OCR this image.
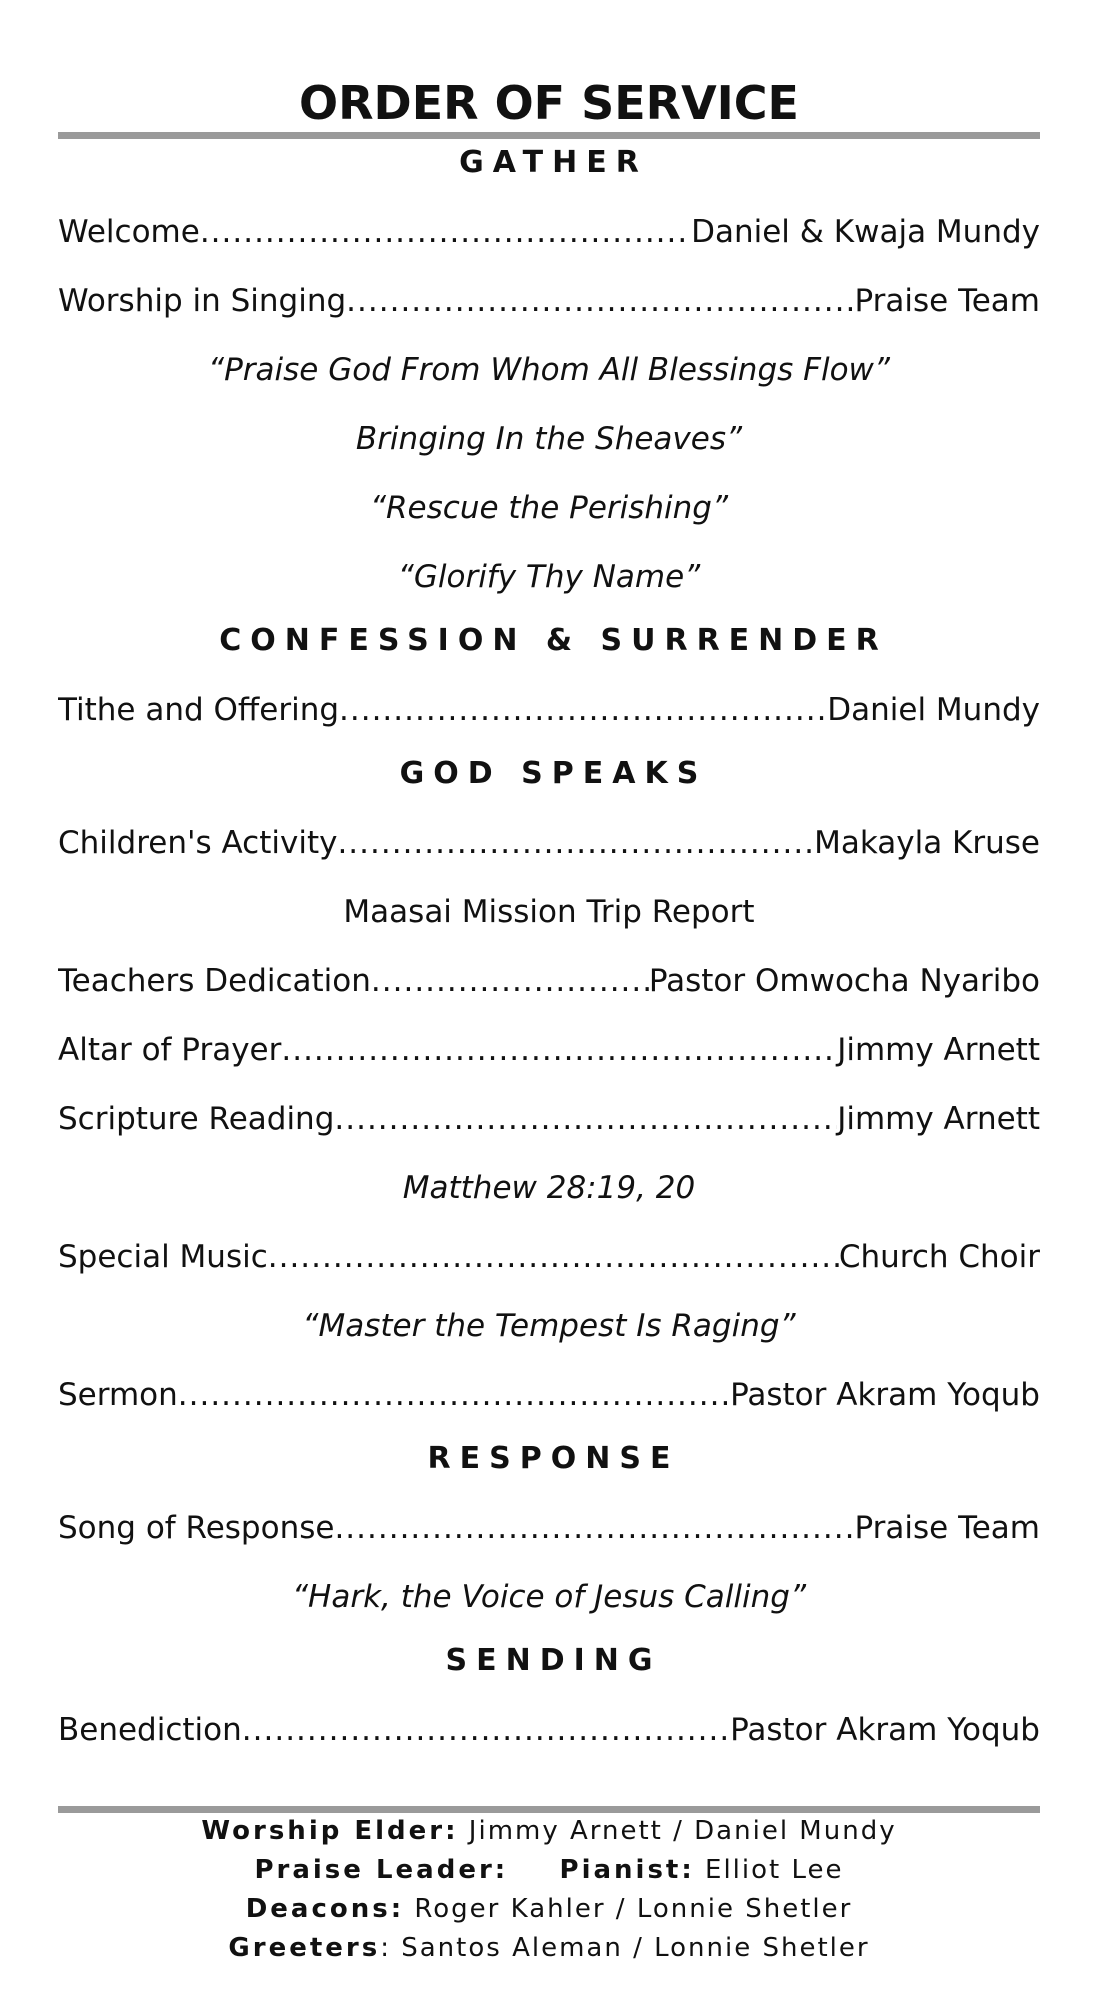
ORDER OF SERVICE
GATHER
Welcome .....	Daniel & Kwaja Mundy
Worship in Singing .....	Praise Team
“Praise God From Whom All Blessings Flow”
Bringing In the Sheaves”
“Rescue the Perishing”
“Glorify Thy Name”
CONFESSION & SURRENDER
Tithe and Offering .....	Daniel Mundy
GOD SPEAKS
Children's Activity .....	Makayla Kruse
Maasai Mission Trip Report
Teachers Dedication .....	Pastor Omwocha Nyaribo
Altar of Prayer .....	Jimmy Arnett
Scripture Reading .....	Jimmy Arnett
Matthew 28:19, 20
Special Music .....	Church Choir
“Master the Tempest Is Raging”
Sermon .....	Pastor Akram Yoqub
RESPONSE
Song of Response .....	Praise Team
“Hark, the Voice of Jesus Calling”
SENDING
Benediction .....	Pastor Akram Yoqub
Worship Elder: Jimmy Arnett / Daniel Mundy
Praise Leader: Pianist: Elliot Lee
Deacons: Roger Kahler / Lonnie Shetler
Greeters: Santos Aleman / Lonnie Shetler
